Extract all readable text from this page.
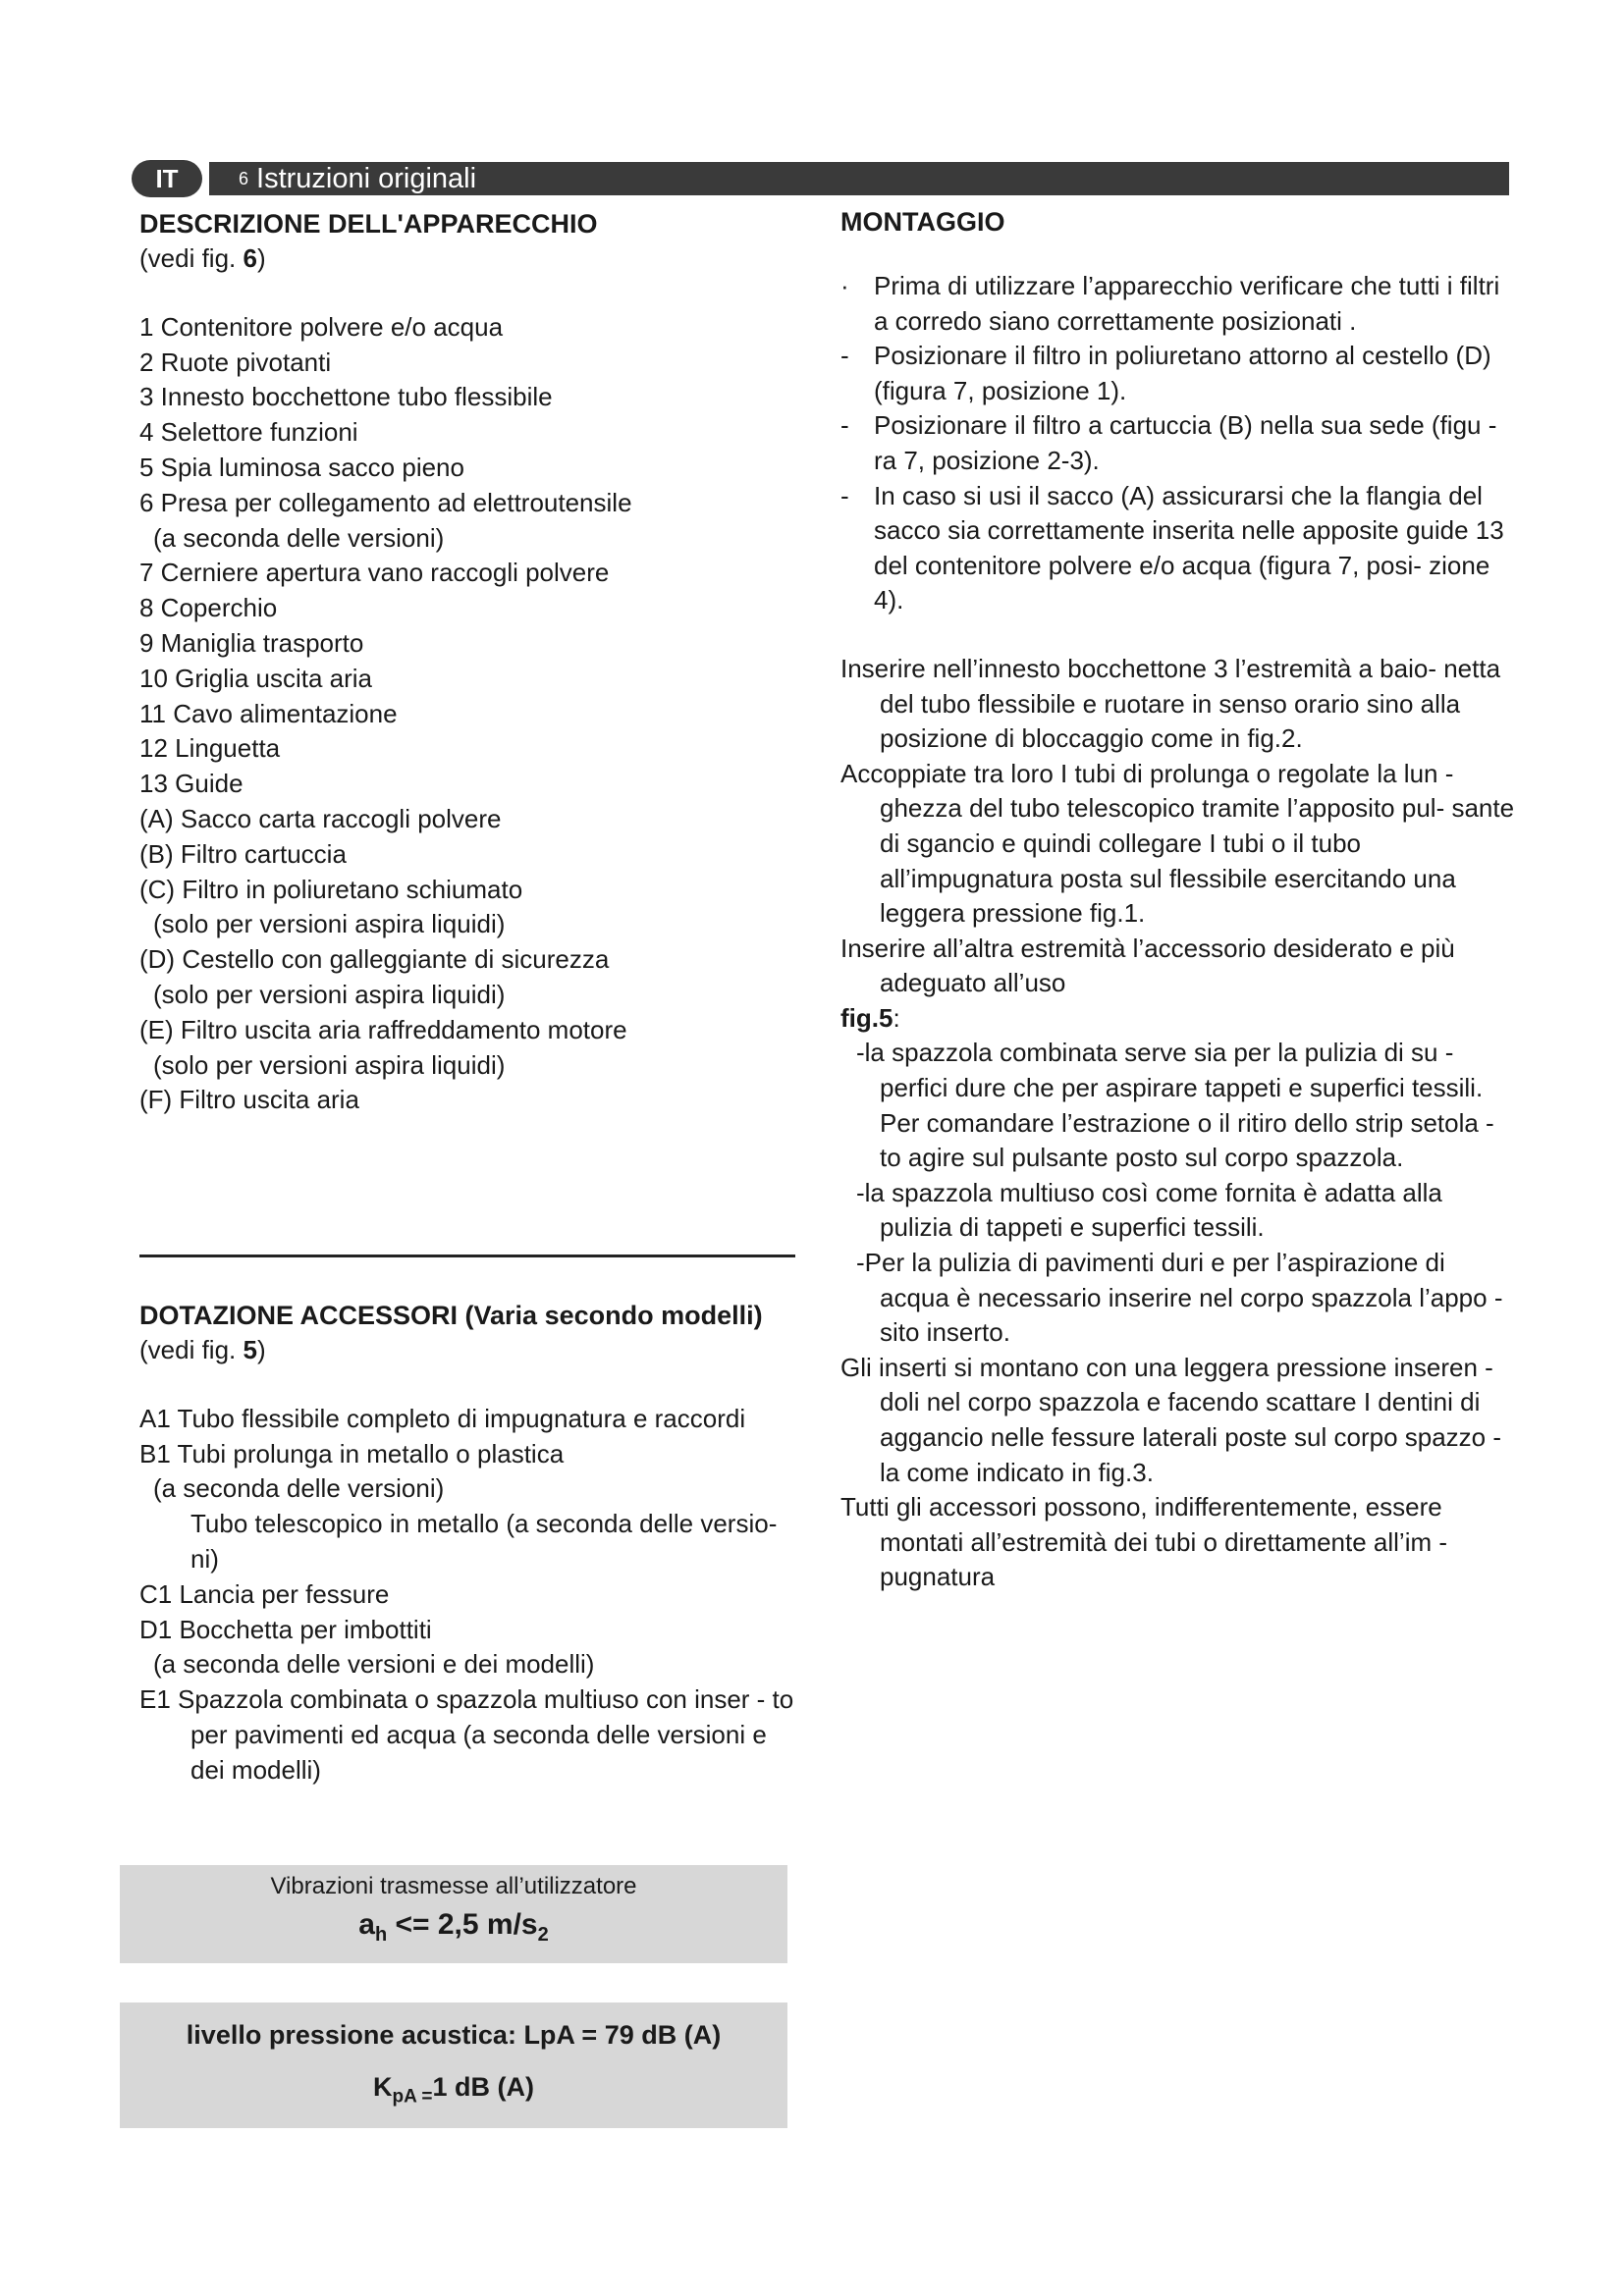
IT	6 Istruzioni originali
DESCRIZIONE DELL'APPARECCHIO
(vedi fig. 6)
1 Contenitore polvere e/o acqua
2 Ruote pivotanti
3 Innesto bocchettone tubo flessibile
4 Selettore funzioni
5 Spia luminosa sacco pieno
6 Presa per collegamento ad elettroutensile
(a seconda delle versioni)
7 Cerniere apertura vano raccogli polvere
8 Coperchio
9 Maniglia trasporto
10 Griglia uscita aria
11 Cavo alimentazione
12 Linguetta
13 Guide
(A) Sacco carta raccogli polvere
(B) Filtro cartuccia
(C) Filtro in poliuretano schiumato
(solo per versioni aspira liquidi)
(D) Cestello con galleggiante di sicurezza
(solo per versioni aspira liquidi)
(E) Filtro uscita aria raffreddamento motore
(solo per versioni aspira liquidi)
(F) Filtro uscita aria
DOTAZIONE ACCESSORI (Varia secondo modelli)
(vedi fig. 5)
A1 Tubo flessibile completo di impugnatura e raccordi
B1 Tubi prolunga in metallo o plastica
(a seconda delle versioni)
Tubo telescopico in metallo (a seconda delle versio-ni)
C1 Lancia per fessure
D1 Bocchetta per imbottiti
(a seconda delle versioni e dei modelli)
E1 Spazzola combinata o spazzola multiuso con inser - to per pavimenti ed acqua (a seconda delle versioni e dei modelli)
Vibrazioni trasmesse all’utilizzatore
$a_h <= 2,5$ $m/s_2$
livello pressione acustica: LpA = 79 dB (A)
$K_{pA =}1$ dB (A)
MONTAGGIO
· Prima di utilizzare l’apparecchio verificare che tutti i filtri a corredo siano correttamente posizionati .
- Posizionare il filtro in poliuretano attorno al cestello (D) (figura 7, posizione 1).
- Posizionare il filtro a cartuccia (B) nella sua sede (figu - ra 7, posizione 2-3).
- In caso si usi il sacco (A) assicurarsi che la flangia del sacco sia correttamente inserita nelle apposite guide 13 del contenitore polvere e/o acqua (figura 7, posi- zione 4).

Inserire nell’innesto bocchettone 3 l’estremità a baio- netta del tubo flessibile e ruotare in senso orario sino alla posizione di bloccaggio come in fig.2.

Accoppiate tra loro I tubi di prolunga o regolate la lun - ghezza del tubo telescopico tramite l’apposito pul- sante di sgancio e quindi collegare I tubi o il tubo all’impugnatura posta sul flessibile esercitando una leggera pressione fig.1.

Inserire all’altra estremità l’accessorio desiderato e più adeguato all’uso

fig.5:

-la spazzola combinata serve sia per la pulizia di su - perfici dure che per aspirare tappeti e superfici tessili. Per comandare l’estrazione o il ritiro dello strip setola - to agire sul pulsante posto sul corpo spazzola.

-la spazzola multiuso così come fornita è adatta alla pulizia di tappeti e superfici tessili.

-Per la pulizia di pavimenti duri e per l’aspirazione di acqua è necessario inserire nel corpo spazzola l’appo - sito inserto.

Gli inserti si montano con una leggera pressione inseren - doli nel corpo spazzola e facendo scattare I dentini di aggancio nelle fessure laterali poste sul corpo spazzo - la come indicato in fig.3.

Tutti gli accessori possono, indifferentemente, essere montati all’estremità dei tubi o direttamente all’im - pugnatura
